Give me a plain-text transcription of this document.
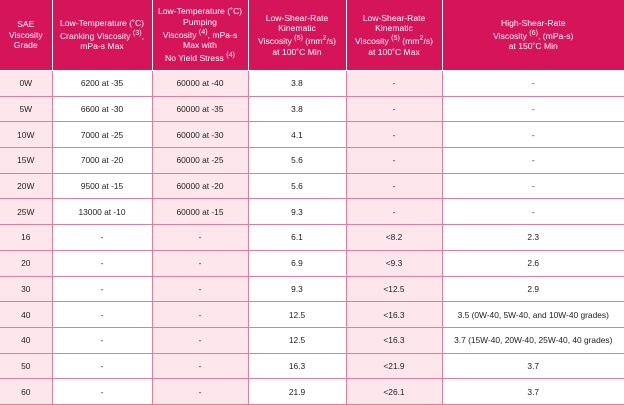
SAE
Viscosity
Grade	Low-Temperature (˚C)
Cranking Viscosity $^{(3)}$,
mPa-s Max	Low-Temperature (˚C)
Pumping
Viscosity $^{(4)}$, mPa-s
Max with
No Yield Stress $^{(4)}$	Low-Shear-Rate
Kinematic
Viscosity $^{(5)}$ $(mm^2/s)$
at 100˚C Min	Low-Shear-Rate
Kinematic
Viscosity $^{(5)}$ $(mm^2/s)$
at 100˚C Max	High-Shear-Rate
Viscosity $^{(6)}$, (mPa-s)
at 150˚C Min
0W	6200 at -35	60000 at -40	3.8	-	-
5W	6600 at -30	60000 at -35	3.8	-	-
10W	7000 at -25	60000 at -30	4.1	-	-
15W	7000 at -20	60000 at -25	5.6	-	-
20W	9500 at -15	60000 at -20	5.6	-	-
25W	13000 at -10	60000 at -15	9.3	-	-
16	-	-	6.1	<8.2	2.3
20	-	-	6.9	<9.3	2.6
30	-	-	9.3	<12.5	2.9
40	-	-	12.5	<16.3	3.5 (0W-40, 5W-40, and 10W-40 grades)
40	-	-	12.5	<16.3	3.7 (15W-40, 20W-40, 25W-40, 40 grades)
50	-	-	16.3	<21.9	3.7
60	-	-	21.9	<26.1	3.7
